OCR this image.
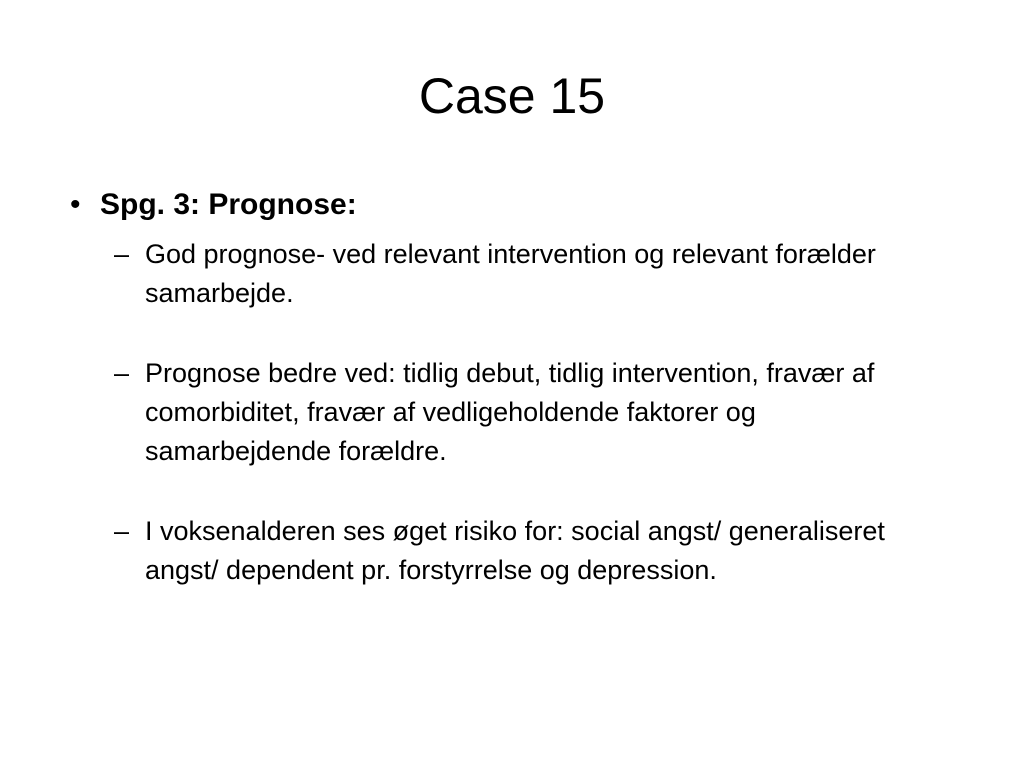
Case 15
• Spg. 3: Prognose:
– God prognose- ved relevant intervention og relevant forælder samarbejde.
– Prognose bedre ved: tidlig debut, tidlig intervention, fravær af comorbiditet, fravær af vedligeholdende faktorer og samarbejdende forældre.
– I voksenalderen ses øget risiko for: social angst/ generaliseret angst/ dependent pr. forstyrrelse og depression.
